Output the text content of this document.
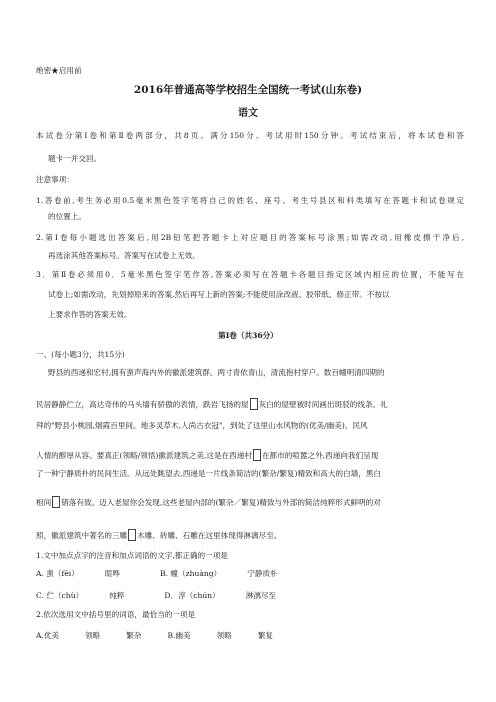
绝密★启用前
2016年普通高等学校招生全国统一考试(山东卷)
语文
本试卷分第Ⅰ卷和第Ⅱ卷两部分，共8页。满分150分。考试用时150分钟。考试结束后，将本试卷和答
题卡一并交回。
注意事项：
1.答卷前,考生务必用0.5毫米黑色签字笔将自己的姓名、座号、考生号县区和科类填写在答题卡和试卷规定
的位置上。
2.第Ⅰ卷每小题选出答案后,用2B铅笔把答题卡上对应题目的答案标号涂黑;如需改动,用橡皮擦干净后,
再选涂其他答案标号。答案写在试卷上无效。
3．第Ⅱ卷必须用0．5毫米黑色签字笔作答,答案必须写在答题卡各题目指定区域内相应的位置，不能写在
试卷上;如需改动，先划掉原来的答案,然后再写上新的答案;不能使用涂改液、胶带纸、修正带。不按以
上要求作答的答案无效。
第Ⅰ卷（共36分）
一、(每小题3分，共15分)
野县的西递和宏村,拥有蜚声海内外的徽派建筑群。两寸青依青山，清流抱村穿户。数百幢明清四期的
民居静静伫立，高达奇伟的马头墙有骄傲的表情，跌岩飞扬的屋 灰白的屋壁被时间画出斑驳的线条。礼
拜的"野县小桃园,烟霞百里间。地多灵草木,人尚古衣冠"，到处了这里山水风物的(优美/幽美)，民风
人情的醇厚从容。要真正(领略/领悟)徽派建筑之美,这是在西递村 在都市的喧嚣之外,西递向我们呈现
了一种宁静质朴的民间生活。从远处眺望去,西递是一片线条简洁的(繁杂/繁复)精致和高大的白墙，黑白
相间 错落有致。迈入老屋你会发现,这些老屋内部的(繁杂／繁复)精致与外部的简洁纯粹形式鲜明的对
照，徽派建筑中著名的三雕 木雕、砖雕、石雕在这里体现得淋漓尽至。
1.文中加点点字的注音和加点词语的文字,都正确的一项是
A. 蜚（fěi）	暄哗	B. 幢（zhuàng）	宁静质朴
C. 伫（chù）	纯粹	D．淳（chún）	淋漓尽至
2.依次选用文中括号里的词语，最恰当的一项是
A.优美	领略	繁杂	B.幽美	领略	繁复
